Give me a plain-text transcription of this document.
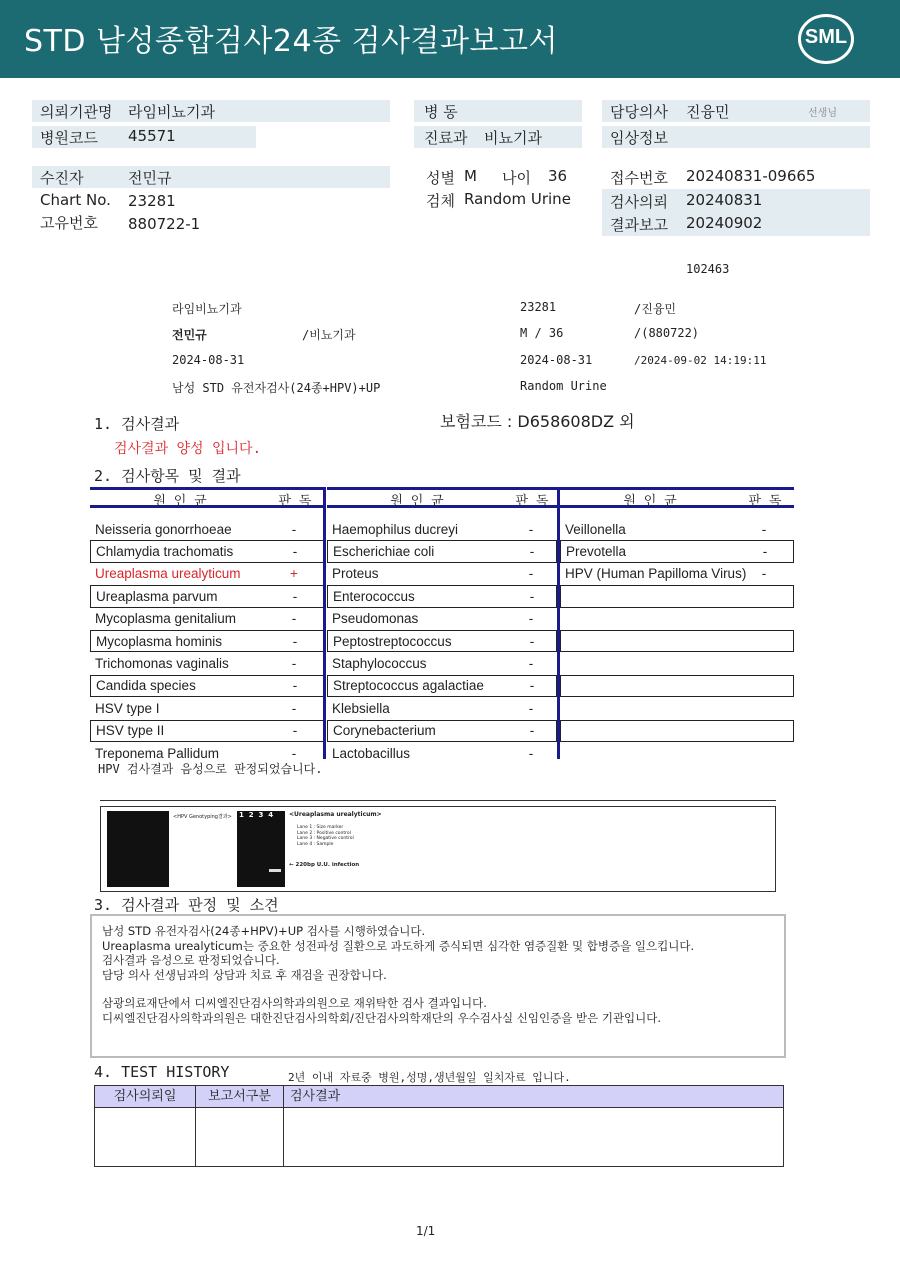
STD 남성종합검사24종 검사결과보고서	SML
의뢰기관명 라임비뇨기과
병원코드 45571
병 동
진료과 비뇨기과
담당의사 진융민	선생님
임상정보
수진자	전민규
Chart No. 23281
고유번호 880722-1
성별 M 나이 36
검체 Random Urine
접수번호 20240831-09665
검사의뢰 20240831
결과보고 20240902
102463
라임비뇨기과
전민규	/비뇨기과
2024-08-31
남성 STD 유전자검사(24종+HPV)+UP
23281
M / 36
2024-08-31
Random Urine
/진융민
/(880722)
/2024-09-02 14:19:11
1. 검사결과	보험코드 : D658608DZ 외
검사결과 양성 입니다.
2. 검사항목 및 결과
원 인 균	판 독
Neisseria gonorrhoeae	-
Chlamydia trachomatis	-
Ureaplasma urealyticum	+
Ureaplasma parvum	-
Mycoplasma genitalium	-
Mycoplasma hominis	-
Trichomonas vaginalis	-
Candida species	-
HSV type I	-
HSV type II	-
Treponema Pallidum	-
원 인 균	판 독
Haemophilus ducreyi	-
Escherichiae coli	-
Proteus	-
Enterococcus	-
Pseudomonas	-
Peptostreptococcus	-
Staphylococcus	-
Streptococcus agalactiae	-
Klebsiella	-
Corynebacterium	-
Lactobacillus	-
원 인 균	판 독
Veillonella	-
Prevotella	-
HPV (Human Papilloma Virus)	-
HPV 검사결과 음성으로 판정되었습니다.
<HPV Genotyping결과> 1  2  3  4	<Ureaplasma urealyticum>
Lane 1 : Size marker
Lane 2 : Positive control
Lane 3 : Negative control
Lane 4 : Sample
← 220bp U.U. infection
3. 검사결과 판정 및 소견
남성 STD 유전자검사(24종+HPV)+UP 검사를 시행하였습니다.
Ureaplasma urealyticum는 중요한 성전파성 질환으로 과도하게 증식되면 심각한 염증질환 및 합병증을 일으킵니다.
검사결과 음성으로 판정되었습니다.
담당 의사 선생님과의 상담과 치료 후 재검을 권장합니다.
삼광의료재단에서 디씨엘진단검사의학과의원으로 재위탁한 검사 결과입니다.
디씨엘진단검사의학과의원은 대한진단검사의학회/진단검사의학재단의 우수검사실 신임인증을 받은 기관입니다.
4. TEST HISTORY	2년 이내 자료중 병원,성명,생년월일 일치자료 입니다.
검사의뢰일	보고서구분	검사결과
1/1
